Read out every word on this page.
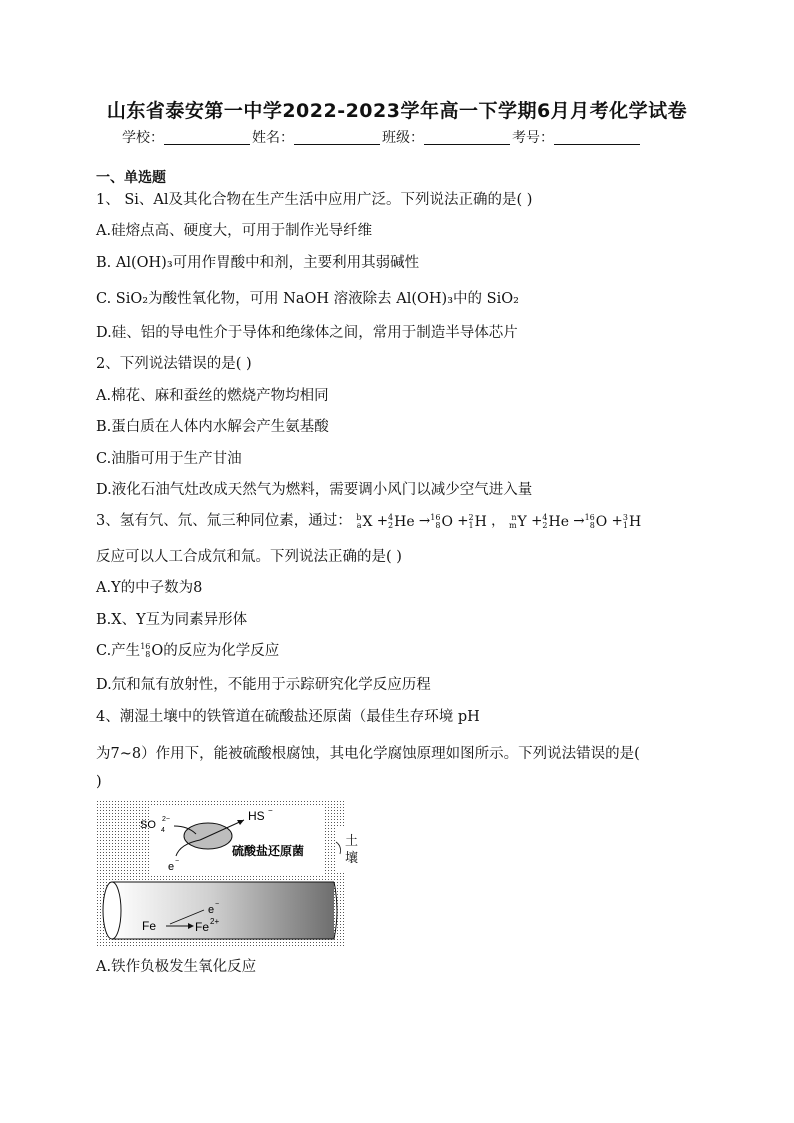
山东省泰安第一中学2022-2023学年高一下学期6月月考化学试卷
学校：	姓名：	班级：	考号：
一、单选题
1、 Si、Al及其化合物在生产生活中应用广泛。下列说法正确的是( )
A.硅熔点高、硬度大，可用于制作光导纤维
B. Al(OH)₃可用作胃酸中和剂，主要利用其弱碱性
C. SiO₂为酸性氧化物，可用 NaOH 溶液除去 Al(OH)₃中的 SiO₂
D.硅、铝的导电性介于导体和绝缘体之间，常用于制造半导体芯片
2、下列说法错误的是( )
A.棉花、麻和蚕丝的燃烧产物均相同
B.蛋白质在人体内水解会产生氨基酸
C.油脂可用于生产甘油
D.液化石油气灶改成天然气为燃料，需要调小风门以减少空气进入量
3、氢有氕、氘、氚三种同位素，通过： b
a X + 4
2 He → 16
8 O + 2
1 H ， n
m Y + 4
2 He → 16
8 O + 3
1 H
反应可以人工合成氘和氚。下列说法正确的是( )
A.Y的中子数为8
B.X、Y互为同素异形体
C.产生 16
8 O的反应为化学反应
D.氘和氚有放射性，不能用于示踪研究化学反应历程
4、潮湿土壤中的铁管道在硫酸盐还原菌（最佳生存环境 pH
为7~8）作用下，能被硫酸根腐蚀，其电化学腐蚀原理如图所示。下列说法错误的是(
)
SO 4
2−	HS −
e −
硫酸盐还原菌
Fe
e −
Fe 2+
土
壤
A.铁作负极发生氧化反应
